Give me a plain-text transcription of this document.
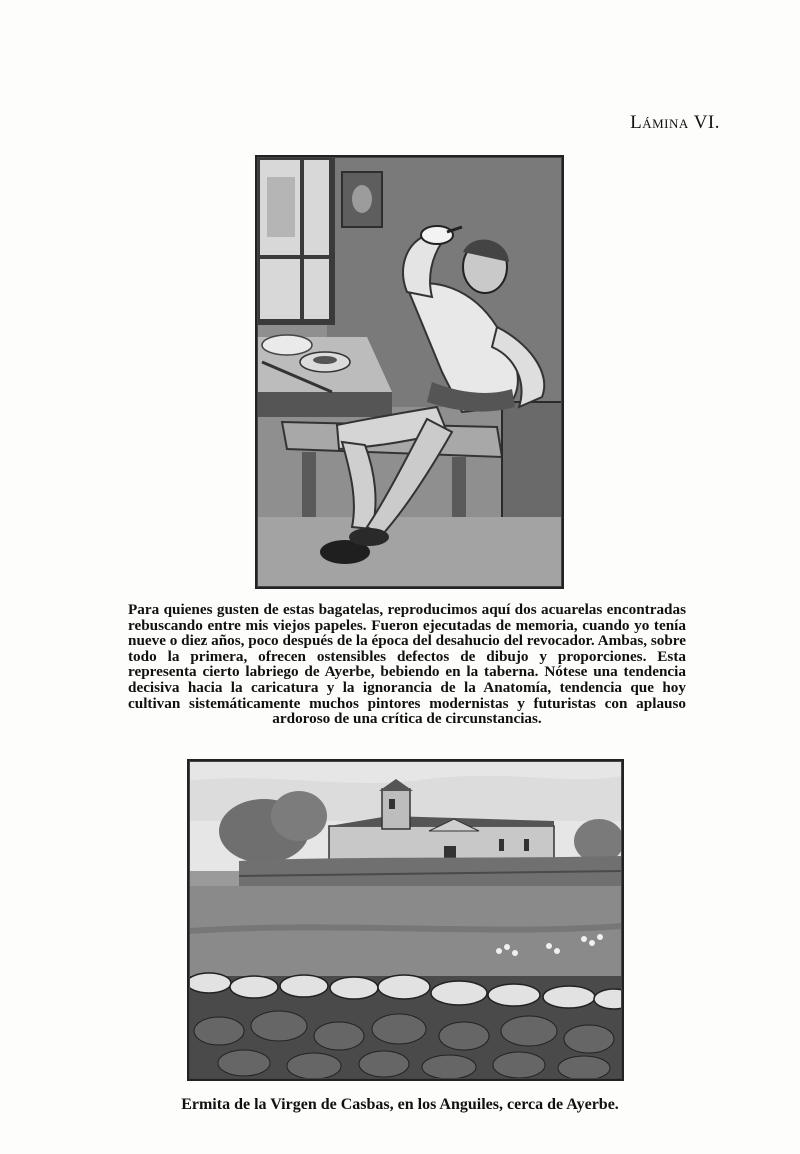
Lámina VI.
Para quienes gusten de estas bagatelas, reproducimos aquí dos acuarelas encontradas rebuscando entre mis viejos papeles. Fueron ejecutadas de memoria, cuando yo tenía nueve o diez años, poco después de la época del desahucio del revocador. Ambas, sobre todo la primera, ofrecen ostensibles defectos de dibujo y proporciones. Esta representa cierto labriego de Ayerbe, bebiendo en la taberna. Nótese una tendencia decisiva hacia la caricatura y la ignorancia de la Anatomía, tendencia que hoy cultivan sistemáticamente muchos pintores modernistas y futuristas con aplauso ardoroso de una crítica de circunstancias.
Ermita de la Virgen de Casbas, en los Anguiles, cerca de Ayerbe.
